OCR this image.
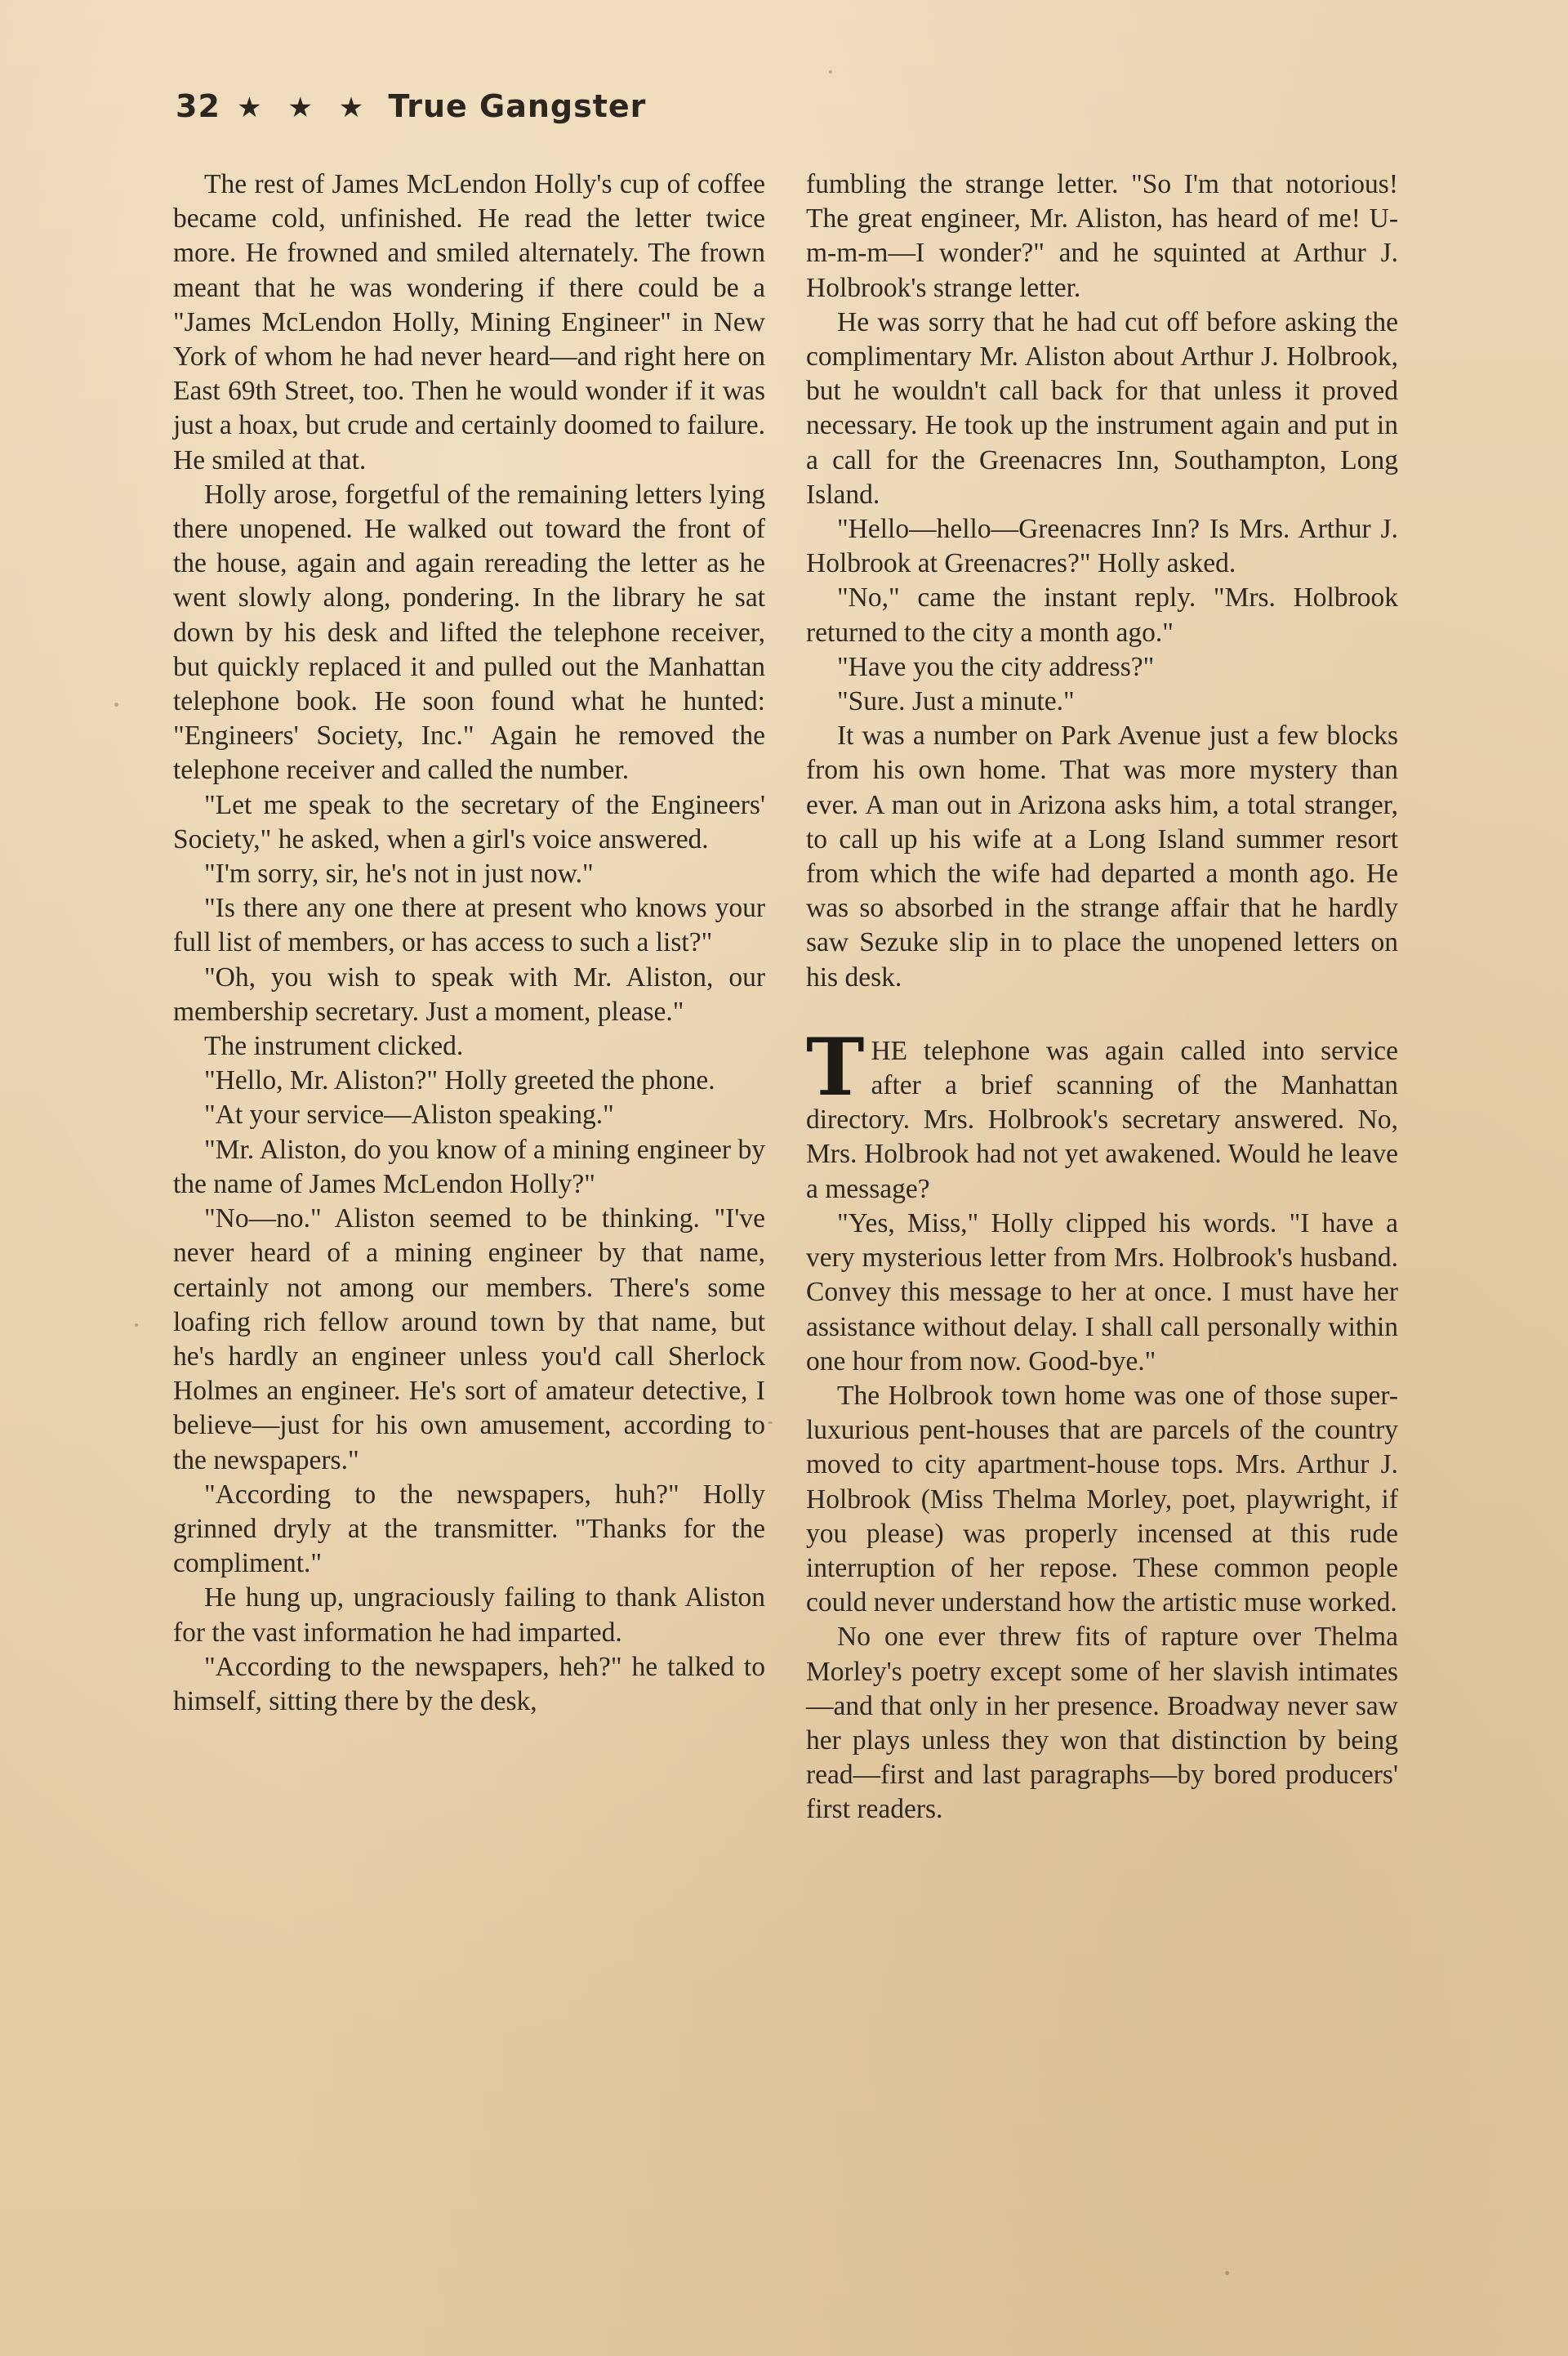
32 ★ ★ ★ True Gangster

The rest of James McLendon Holly's cup of coffee became cold, unfinished. He read the letter twice more. He frowned and smiled alternately. The frown meant that he was wondering if there could be a "James McLendon Holly, Mining Engineer" in New York of whom he had never heard—and right here on East 69th Street, too. Then he would wonder if it was just a hoax, but crude and certainly doomed to failure. He smiled at that.

Holly arose, forgetful of the remaining letters lying there unopened. He walked out toward the front of the house, again and again rereading the letter as he went slowly along, pondering. In the library he sat down by his desk and lifted the telephone receiver, but quickly replaced it and pulled out the Manhattan telephone book. He soon found what he hunted: "Engineers' Society, Inc." Again he removed the telephone receiver and called the number.

"Let me speak to the secretary of the Engineers' Society," he asked, when a girl's voice answered.

"I'm sorry, sir, he's not in just now."

"Is there any one there at present who knows your full list of members, or has access to such a list?"

"Oh, you wish to speak with Mr. Aliston, our membership secretary. Just a moment, please."

The instrument clicked.

"Hello, Mr. Aliston?" Holly greeted the phone.

"At your service—Aliston speaking."

"Mr. Aliston, do you know of a mining engineer by the name of James McLendon Holly?"

"No—no." Aliston seemed to be thinking. "I've never heard of a mining engineer by that name, certainly not among our members. There's some loafing rich fellow around town by that name, but he's hardly an engineer unless you'd call Sherlock Holmes an engineer. He's sort of amateur detective, I believe—just for his own amusement, according to the newspapers."

"According to the newspapers, huh?" Holly grinned dryly at the transmitter. "Thanks for the compliment."

He hung up, ungraciously failing to thank Aliston for the vast information he had imparted.

"According to the newspapers, heh?" he talked to himself, sitting there by the desk,

fumbling the strange letter. "So I'm that notorious! The great engineer, Mr. Aliston, has heard of me! U-m-m-m—I wonder?" and he squinted at Arthur J. Holbrook's strange letter.

He was sorry that he had cut off before asking the complimentary Mr. Aliston about Arthur J. Holbrook, but he wouldn't call back for that unless it proved necessary. He took up the instrument again and put in a call for the Greenacres Inn, Southampton, Long Island.

"Hello—hello—Greenacres Inn? Is Mrs. Arthur J. Holbrook at Greenacres?" Holly asked.

"No," came the instant reply. "Mrs. Holbrook returned to the city a month ago."

"Have you the city address?"

"Sure. Just a minute."

It was a number on Park Avenue just a few blocks from his own home. That was more mystery than ever. A man out in Arizona asks him, a total stranger, to call up his wife at a Long Island summer resort from which the wife had departed a month ago. He was so absorbed in the strange affair that he hardly saw Sezuke slip in to place the unopened letters on his desk.

THE telephone was again called into service after a brief scanning of the Manhattan directory. Mrs. Holbrook's secretary answered. No, Mrs. Holbrook had not yet awakened. Would he leave a message?

"Yes, Miss," Holly clipped his words. "I have a very mysterious letter from Mrs. Holbrook's husband. Convey this message to her at once. I must have her assistance without delay. I shall call personally within one hour from now. Good-bye."

The Holbrook town home was one of those super-luxurious pent-houses that are parcels of the country moved to city apartment-house tops. Mrs. Arthur J. Holbrook (Miss Thelma Morley, poet, playwright, if you please) was properly incensed at this rude interruption of her repose. These common people could never understand how the artistic muse worked.

No one ever threw fits of rapture over Thelma Morley's poetry except some of her slavish intimates—and that only in her presence. Broadway never saw her plays unless they won that distinction by being read—first and last paragraphs—by bored producers' first readers.
